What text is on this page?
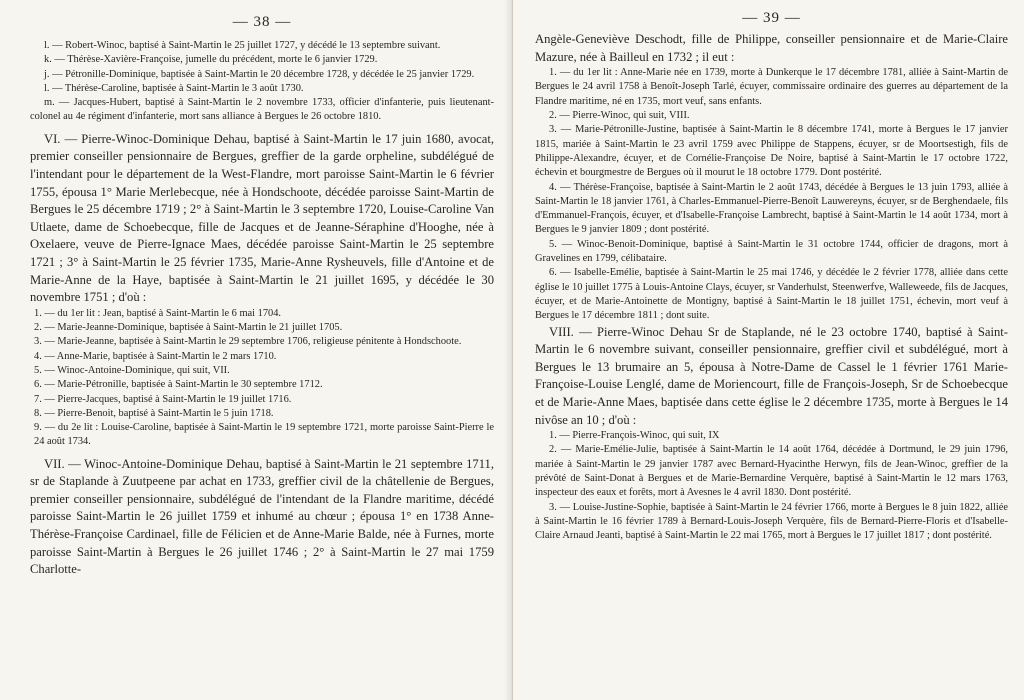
— 38 —

l. — Robert-Winoc, baptisé à Saint-Martin le 25 juillet 1727, y décédé le 13 septembre suivant.

k. — Thérèse-Xavière-Françoise, jumelle du précédent, morte le 6 janvier 1729.

j. — Pétronille-Dominique, baptisée à Saint-Martin le 20 décembre 1728, y décédée le 25 janvier 1729.

l. — Thérèse-Caroline, baptisée à Saint-Martin le 3 août 1730.

m. — Jacques-Hubert, baptisé à Saint-Martin le 2 novembre 1733, officier d'infanterie, puis lieutenant-colonel au 4e régiment d'infanterie, mort sans alliance à Bergues le 26 octobre 1810.

VI. — Pierre-Winoc-Dominique Dehau, baptisé à Saint-Martin le 17 juin 1680, avocat, premier conseiller pensionnaire de Bergues, greffier de la garde orpheline, subdélégué de l'intendant pour le département de la West-Flandre, mort paroisse Saint-Martin le 6 février 1755, épousa 1° Marie Merlebecque, née à Hondschoote, décédée paroisse Saint-Martin de Bergues le 25 décembre 1719 ; 2° à Saint-Martin le 3 septembre 1720, Louise-Caroline Van Utlaete, dame de Schoebecque, fille de Jacques et de Jeanne-Séraphine d'Hooghe, née à Oxelaere, veuve de Pierre-Ignace Maes, décédée paroisse Saint-Martin le 25 septembre 1721 ; 3° à Saint-Martin le 25 février 1735, Marie-Anne Rysheuvels, fille d'Antoine et de Marie-Anne de la Haye, baptisée à Saint-Martin le 21 juillet 1695, y décédée le 30 novembre 1751 ; d'où :

1. — du 1er lit : Jean, baptisé à Saint-Martin le 6 mai 1704.

2. — Marie-Jeanne-Dominique, baptisée à Saint-Martin le 21 juillet 1705.

3. — Marie-Jeanne, baptisée à Saint-Martin le 29 septembre 1706, religieuse pénitente à Hondschoote.

4. — Anne-Marie, baptisée à Saint-Martin le 2 mars 1710.

5. — Winoc-Antoine-Dominique, qui suit, VII.

6. — Marie-Pétronille, baptisée à Saint-Martin le 30 septembre 1712.

7. — Pierre-Jacques, baptisé à Saint-Martin le 19 juillet 1716.

8. — Pierre-Benoit, baptisé à Saint-Martin le 5 juin 1718.

9. — du 2e lit : Louise-Caroline, baptisée à Saint-Martin le 19 septembre 1721, morte paroisse Saint-Pierre le 24 août 1734.

VII. — Winoc-Antoine-Dominique Dehau, baptisé à Saint-Martin le 21 septembre 1711, sr de Staplande à Zuutpeene par achat en 1733, greffier civil de la châtellenie de Bergues, premier conseiller pensionnaire, subdélégué de l'intendant de la Flandre maritime, décédé paroisse Saint-Martin le 26 juillet 1759 et inhumé au chœur ; épousa 1° en 1738 Anne-Thérèse-Françoise Cardinael, fille de Félicien et de Anne-Marie Balde, née à Furnes, morte paroisse Saint-Martin à Bergues le 26 juillet 1746 ; 2° à Saint-Martin le 27 mai 1759 Charlotte-

— 39 —

Angèle-Geneviève Deschodt, fille de Philippe, conseiller pensionnaire et de Marie-Claire Mazure, née à Bailleul en 1732 ; il eut :

1. — du 1er lit : Anne-Marie née en 1739, morte à Dunkerque le 17 décembre 1781, alliée à Saint-Martin de Bergues le 24 avril 1758 à Benoît-Joseph Tarlé, écuyer, commissaire ordinaire des guerres au département de la Flandre maritime, né en 1735, mort veuf, sans enfants.

2. — Pierre-Winoc, qui suit, VIII.

3. — Marie-Pétronille-Justine, baptisée à Saint-Martin le 8 décembre 1741, morte à Bergues le 17 janvier 1815, mariée à Saint-Martin le 23 avril 1759 avec Philippe de Stappens, écuyer, sr de Moortsestigh, fils de Philippe-Alexandre, écuyer, et de Cornélie-Françoise De Noire, baptisé à Saint-Martin le 17 octobre 1722, échevin et bourgmestre de Bergues où il mourut le 18 octobre 1779. Dont postérité.

4. — Thérèse-Françoise, baptisée à Saint-Martin le 2 août 1743, décédée à Bergues le 13 juin 1793, alliée à Saint-Martin le 18 janvier 1761, à Charles-Emmanuel-Pierre-Benoît Lauwereyns, écuyer, sr de Berghendaele, fils d'Emmanuel-François, écuyer, et d'Isabelle-Françoise Lambrecht, baptisé à Saint-Martin le 14 août 1734, mort à Bergues le 9 janvier 1809 ; dont postérité.

5. — Winoc-Benoit-Dominique, baptisé à Saint-Martin le 31 octobre 1744, officier de dragons, mort à Gravelines en 1799, célibataire.

6. — Isabelle-Emélie, baptisée à Saint-Martin le 25 mai 1746, y décédée le 2 février 1778, alliée dans cette église le 10 juillet 1775 à Louis-Antoine Clays, écuyer, sr Vanderhulst, Steenwerfve, Walleweede, fils de Jacques, écuyer, et de Marie-Antoinette de Montigny, baptisé à Saint-Martin le 18 juillet 1751, échevin, mort veuf à Bergues le 17 décembre 1811 ; dont suite.

VIII. — Pierre-Winoc Dehau Sr de Staplande, né le 23 octobre 1740, baptisé à Saint-Martin le 6 novembre suivant, conseiller pensionnaire, greffier civil et subdélégué, mort à Bergues le 13 brumaire an 5, épousa à Notre-Dame de Cassel le 1 février 1761 Marie-Françoise-Louise Lenglé, dame de Moriencourt, fille de François-Joseph, Sr de Schoebecque et de Marie-Anne Maes, baptisée dans cette église le 2 décembre 1735, morte à Bergues le 14 nivôse an 10 ; d'où :

1. — Pierre-François-Winoc, qui suit, IX

2. — Marie-Emélie-Julie, baptisée à Saint-Martin le 14 août 1764, décédée à Dortmund, le 29 juin 1796, mariée à Saint-Martin le 29 janvier 1787 avec Bernard-Hyacinthe Herwyn, fils de Jean-Winoc, greffier de la prévôté de Saint-Donat à Bergues et de Marie-Bernardine Verquère, baptisé à Saint-Martin le 12 mars 1763, inspecteur des eaux et forêts, mort à Avesnes le 4 avril 1830. Dont postérité.

3. — Louise-Justine-Sophie, baptisée à Saint-Martin le 24 février 1766, morte à Bergues le 8 juin 1822, alliée à Saint-Martin le 16 février 1789 à Bernard-Louis-Joseph Verquère, fils de Bernard-Pierre-Floris et d'Isabelle-Claire Arnaud Jeanti, baptisé à Saint-Martin le 22 mai 1765, mort à Bergues le 17 juillet 1817 ; dont postérité.
